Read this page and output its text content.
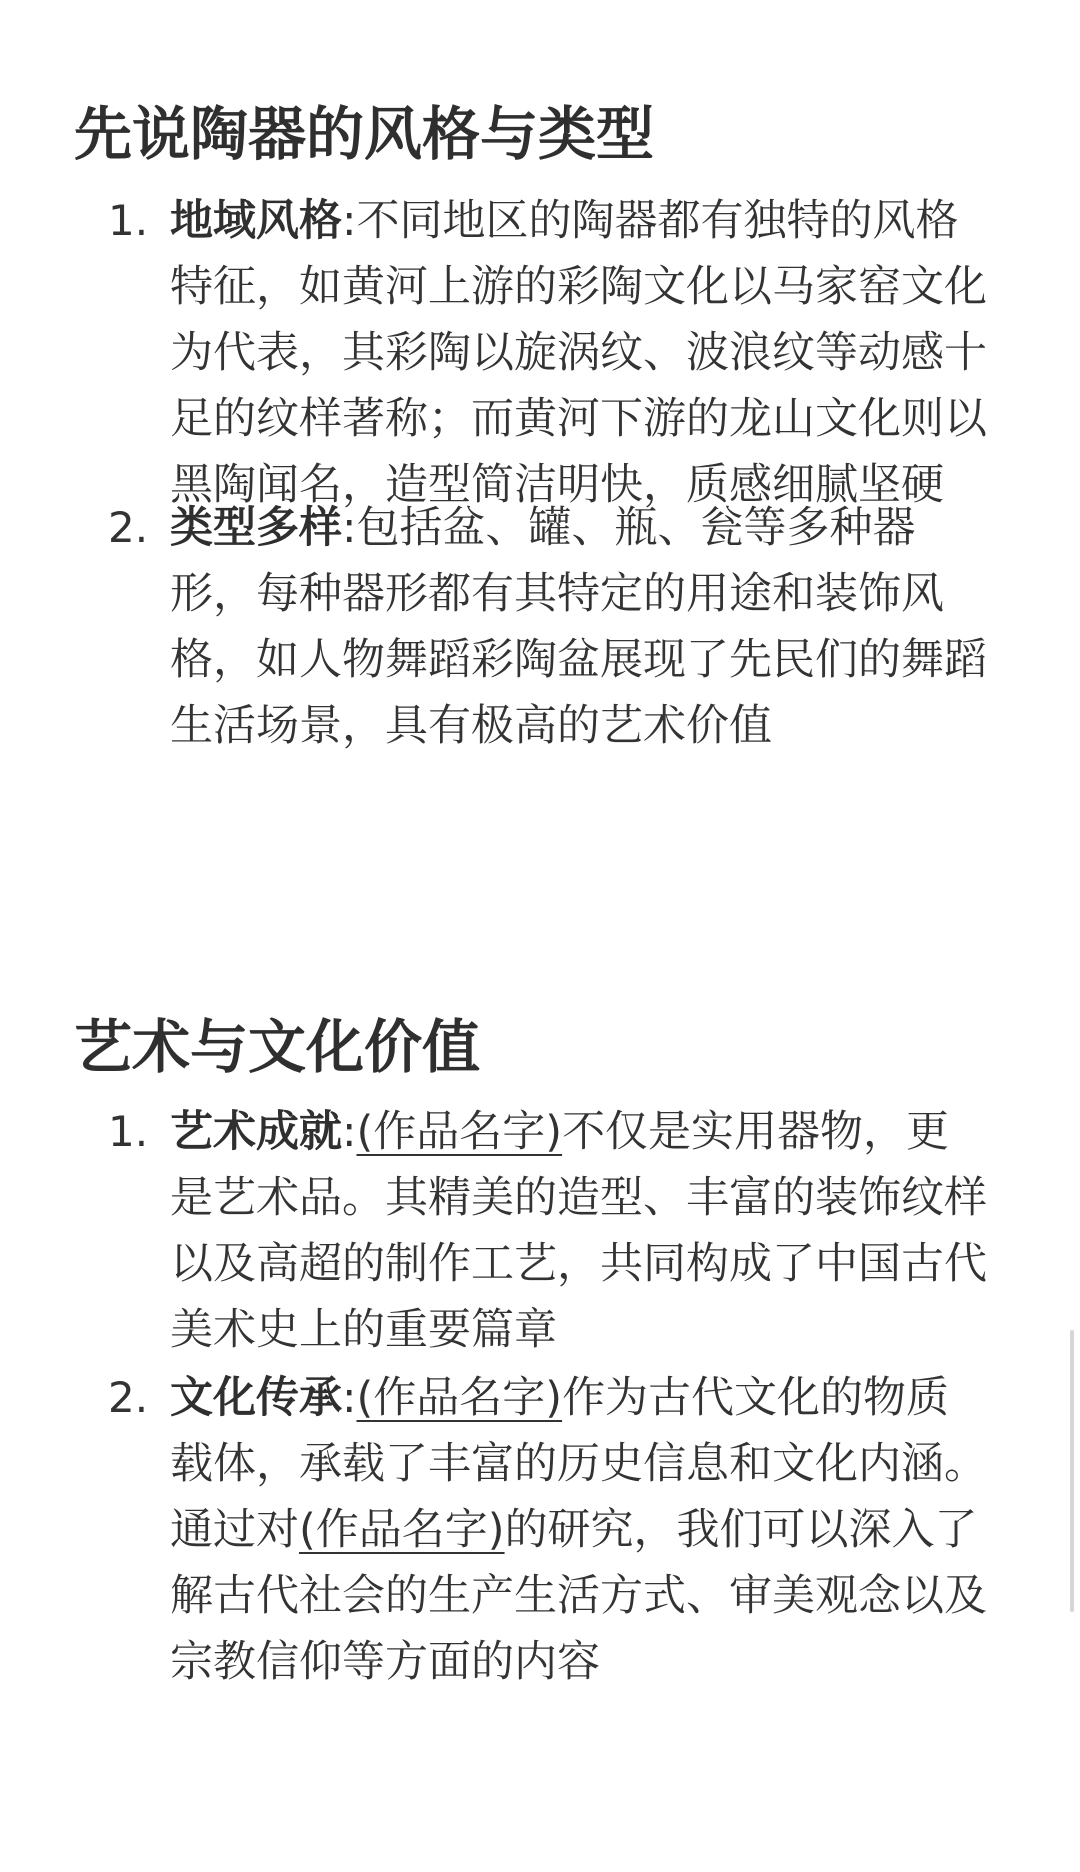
先说陶器的风格与类型
1. 地域风格:不同地区的陶器都有独特的风格特征，如黄河上游的彩陶文化以马家窑文化为代表，其彩陶以旋涡纹、波浪纹等动感十足的纹样著称；而黄河下游的龙山文化则以黑陶闻名，造型简洁明快，质感细腻坚硬
2. 类型多样:包括盆、罐、瓶、瓮等多种器形，每种器形都有其特定的用途和装饰风格，如人物舞蹈彩陶盆展现了先民们的舞蹈生活场景，具有极高的艺术价值
艺术与文化价值
1. 艺术成就:(作品名字)不仅是实用器物，更是艺术品。其精美的造型、丰富的装饰纹样以及高超的制作工艺，共同构成了中国古代美术史上的重要篇章
2. 文化传承:(作品名字)作为古代文化的物质载体，承载了丰富的历史信息和文化内涵。通过对(作品名字)的研究，我们可以深入了解古代社会的生产生活方式、审美观念以及宗教信仰等方面的内容
